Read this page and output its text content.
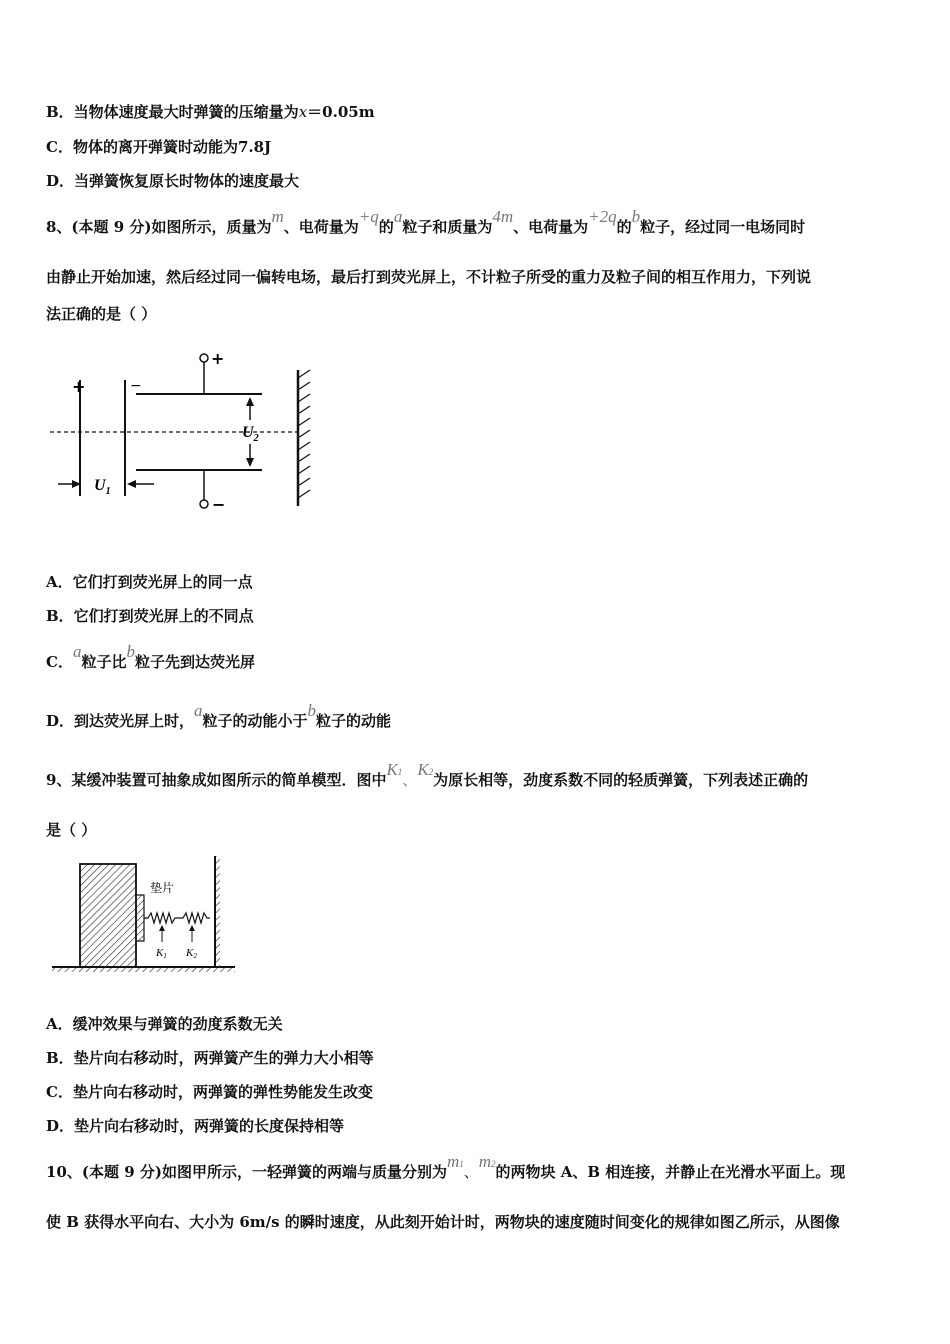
B．当物体速度最大时弹簧的压缩量为x＝0.05m
C．物体的离开弹簧时动能为7.8J
D．当弹簧恢复原长时物体的速度最大
8、(本题 9 分)如图所示，质量为m、电荷量为+q的a粒子和质量为4m、电荷量为+2q的b粒子，经过同一电场同时
由静止开始加速，然后经过同一偏转电场，最后打到荧光屏上，不计粒子所受的重力及粒子间的相互作用力，下列说
法正确的是（ ）
+	−
+
−
$U_2$
$U_1$
A．它们打到荧光屏上的同一点
B．它们打到荧光屏上的不同点
C．a粒子比b粒子先到达荧光屏
D．到达荧光屏上时，a粒子的动能小于b粒子的动能
9、某缓冲装置可抽象成如图所示的简单模型．图中$K^1$、$K^2$为原长相等，劲度系数不同的轻质弹簧，下列表述正确的
是（ ）
垫片
K1 K2
A．缓冲效果与弹簧的劲度系数无关
B．垫片向右移动时，两弹簧产生的弹力大小相等
C．垫片向右移动时，两弹簧的弹性势能发生改变
D．垫片向右移动时，两弹簧的长度保持相等
10、(本题 9 分)如图甲所示，一轻弹簧的两端与质量分别为$m^1$、$m^2$的两物块 A、B 相连接，并静止在光滑水平面上。现
使 B 获得水平向右、大小为 6m/s 的瞬时速度，从此刻开始计时，两物块的速度随时间变化的规律如图乙所示，从图像
